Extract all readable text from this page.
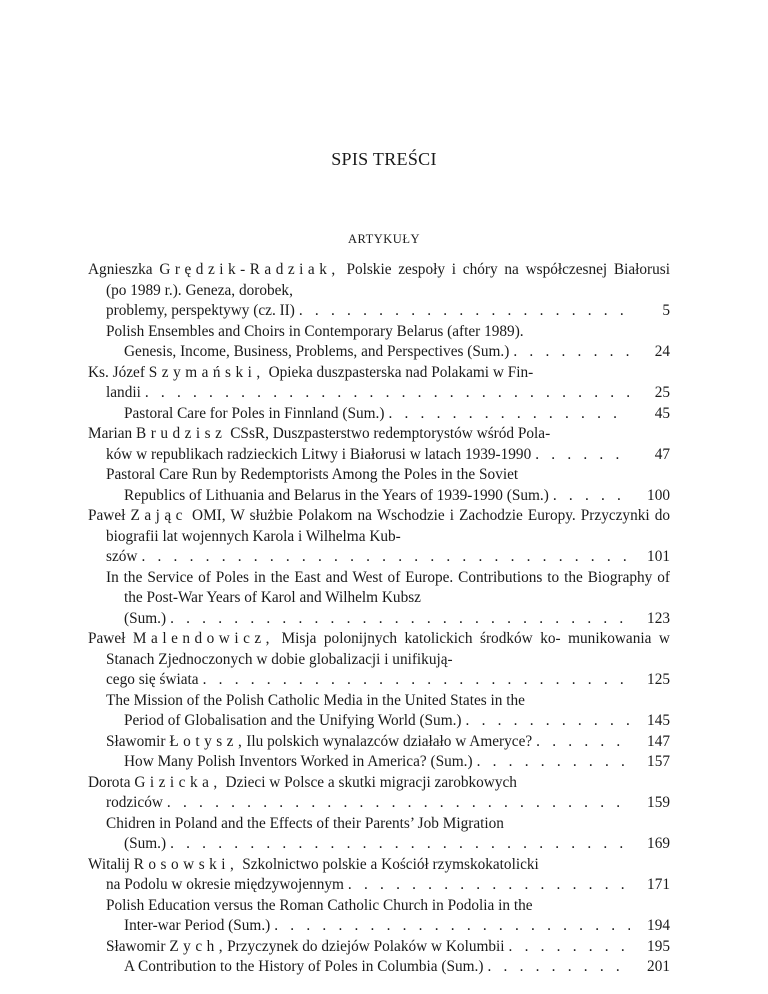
SPIS TREŚCI
ARTYKUŁY
Agnieszka Grędzik-Radziak, Polskie zespoły i chóry na współczesnej Białorusi (po 1989 r.). Geneza, dorobek,
problemy, perspektywy (cz. II) . . .	5
Polish Ensembles and Choirs in Contemporary Belarus (after 1989).
Genesis, Income, Business, Problems, and Perspectives (Sum.) . . .	24
Ks. Józef Szymański, Opieka duszpasterska nad Polakami w Fin-
landii . . .	25
Pastoral Care for Poles in Finnland (Sum.) . . .	45
Marian Brudzisz CSsR, Duszpasterstwo redemptorystów wśród Pola-
ków w republikach radzieckich Litwy i Białorusi w latach 1939-1990 . . .	47
Pastoral Care Run by Redemptorists Among the Poles in the Soviet
Republics of Lithuania and Belarus in the Years of 1939-1990 (Sum.) . . .	100
Paweł Zając OMI, W służbie Polakom na Wschodzie i Zachodzie Europy. Przyczynki do biografii lat wojennych Karola i Wilhelma Kub-
szów . . .	101
In the Service of Poles in the East and West of Europe. Contributions to the Biography of the Post-War Years of Karol and Wilhelm Kubsz
(Sum.) . . .	123
Paweł Malendowicz, Misja polonijnych katolickich środków ko- munikowania w Stanach Zjednoczonych w dobie globalizacji i unifikują-
cego się świata . . .	125
The Mission of the Polish Catholic Media in the United States in the
Period of Globalisation and the Unifying World (Sum.) . . .	145
Sławomir Łotysz, Ilu polskich wynalazców działało w Ameryce? . . .	147
How Many Polish Inventors Worked in America? (Sum.) . . .	157
Dorota Gizicka, Dzieci w Polsce a skutki migracji zarobkowych
rodziców . . .	159
Chidren in Poland and the Effects of their Parents’ Job Migration
(Sum.) . . .	169
Witalij Rosowski, Szkolnictwo polskie a Kościół rzymskokatolicki
na Podolu w okresie międzywojennym . . .	171
Polish Education versus the Roman Catholic Church in Podolia in the
Inter-war Period (Sum.) . . .	194
Sławomir Zych, Przyczynek do dziejów Polaków w Kolumbii . . .	195
A Contribution to the History of Poles in Columbia (Sum.) . . .	201
